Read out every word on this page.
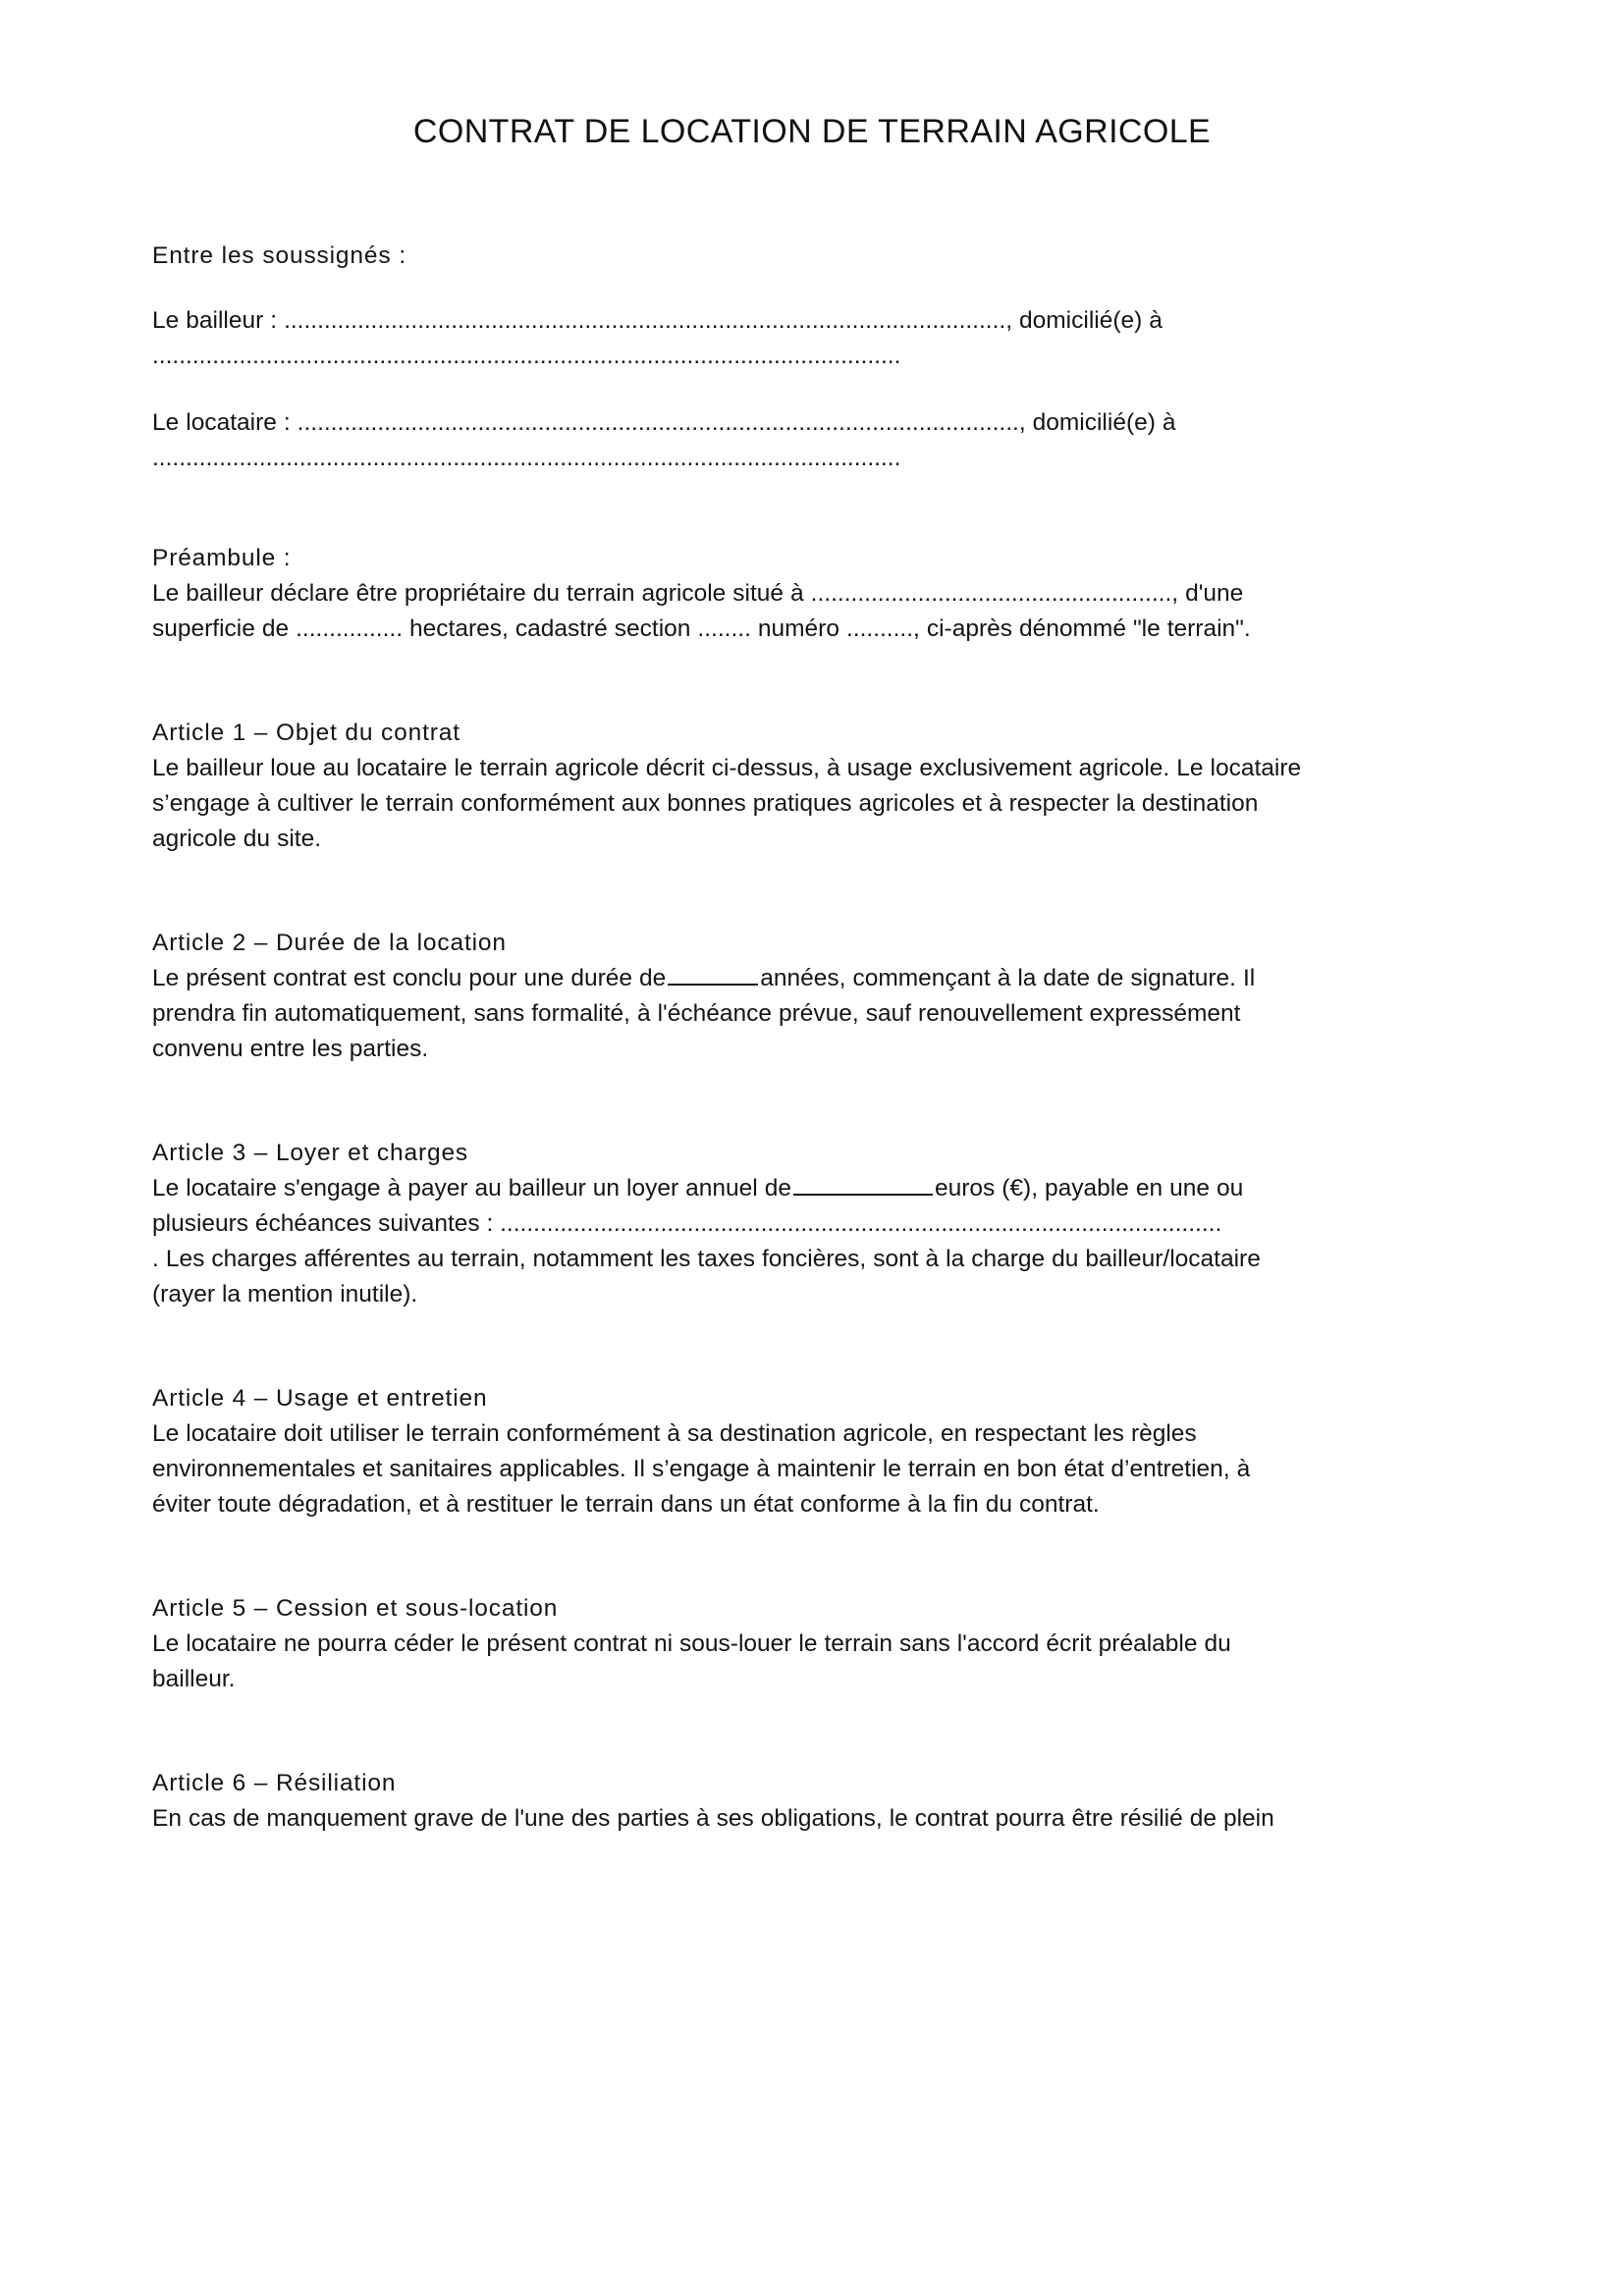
CONTRAT DE LOCATION DE TERRAIN AGRICOLE
Entre les soussignés :
Le bailleur : ............................................................................................................, domicilié(e) à
................................................................................................................
Le locataire : ............................................................................................................, domicilié(e) à
................................................................................................................
Préambule :
Le bailleur déclare être propriétaire du terrain agricole situé à ......................................................, d'une
superficie de ................ hectares, cadastré section ........ numéro .........., ci-après dénommé "le terrain".
Article 1 – Objet du contrat
Le bailleur loue au locataire le terrain agricole décrit ci-dessus, à usage exclusivement agricole. Le locataire
s’engage à cultiver le terrain conformément aux bonnes pratiques agricoles et à respecter la destination
agricole du site.
Article 2 – Durée de la location
Le présent contrat est conclu pour une durée de	années, commençant à la date de signature. Il
prendra fin automatiquement, sans formalité, à l'échéance prévue, sauf renouvellement expressément
convenu entre les parties.
Article 3 – Loyer et charges
Le locataire s'engage à payer au bailleur un loyer annuel de	euros (€), payable en une ou
plusieurs échéances suivantes : ............................................................................................................
. Les charges afférentes au terrain, notamment les taxes foncières, sont à la charge du bailleur/locataire
(rayer la mention inutile).
Article 4 – Usage et entretien
Le locataire doit utiliser le terrain conformément à sa destination agricole, en respectant les règles
environnementales et sanitaires applicables. Il s’engage à maintenir le terrain en bon état d’entretien, à
éviter toute dégradation, et à restituer le terrain dans un état conforme à la fin du contrat.
Article 5 – Cession et sous-location
Le locataire ne pourra céder le présent contrat ni sous-louer le terrain sans l'accord écrit préalable du
bailleur.
Article 6 – Résiliation
En cas de manquement grave de l'une des parties à ses obligations, le contrat pourra être résilié de plein
